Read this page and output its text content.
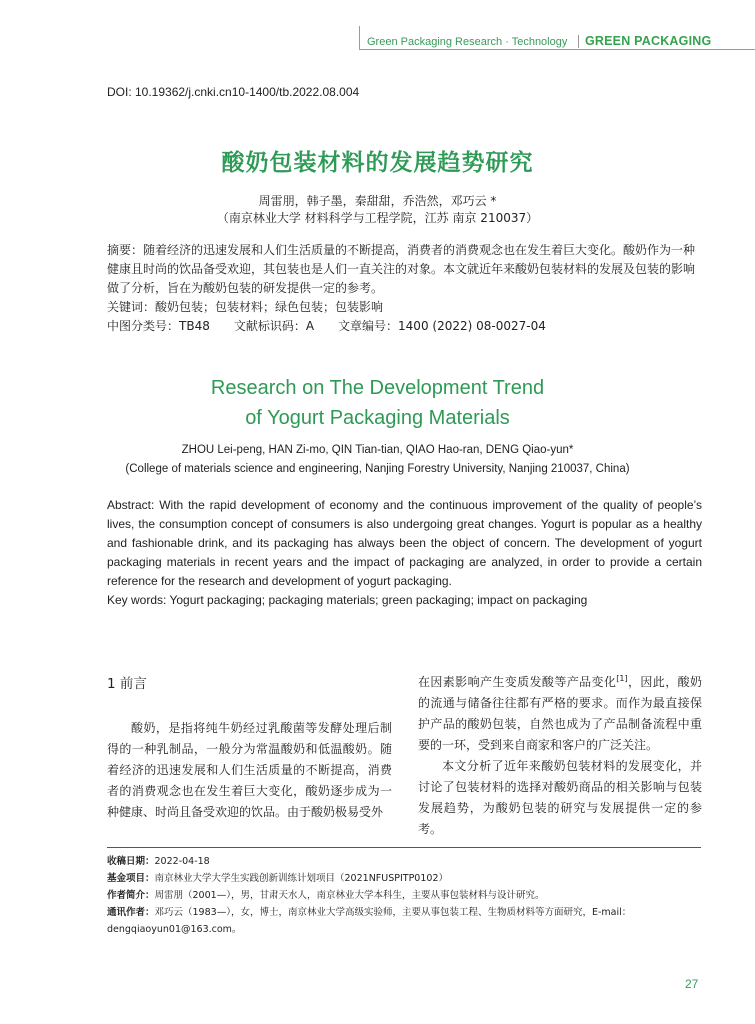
Green Packaging Research · Technology GREEN PACKAGING
DOI: 10.19362/j.cnki.cn10-1400/tb.2022.08.004
酸奶包装材料的发展趋势研究
周雷朋，韩子墨，秦甜甜，乔浩然，邓巧云 *
（南京林业大学 材料科学与工程学院，江苏 南京 210037）

摘要：随着经济的迅速发展和人们生活质量的不断提高，消费者的消费观念也在发生着巨大变化。酸奶作为一种健康且时尚的饮品备受欢迎，其包装也是人们一直关注的对象。本文就近年来酸奶包装材料的发展及包装的影响做了分析，旨在为酸奶包装的研发提供一定的参考。

关键词：酸奶包装；包装材料；绿色包装；包装影响

中图分类号：TB48　　文献标识码：A　　文章编号：1400 (2022) 08-0027-04

Research on The Development Trend
of Yogurt Packaging Materials
ZHOU Lei-peng, HAN Zi-mo, QIN Tian-tian, QIAO Hao-ran, DENG Qiao-yun*
(College of materials science and engineering, Nanjing Forestry University, Nanjing 210037, China)

Abstract: With the rapid development of economy and the continuous improvement of the quality of people’s lives, the consumption concept of consumers is also undergoing great changes. Yogurt is popular as a healthy and fashionable drink, and its packaging has always been the object of concern. The development of yogurt packaging materials in recent years and the impact of packaging are analyzed, in order to provide a certain reference for the research and development of yogurt packaging.

Key words: Yogurt packaging; packaging materials; green packaging; impact on packaging

1 前言

酸奶，是指将纯牛奶经过乳酸菌等发酵处理后制得的一种乳制品，一般分为常温酸奶和低温酸奶。随着经济的迅速发展和人们生活质量的不断提高，消费者的消费观念也在发生着巨大变化，酸奶逐步成为一种健康、时尚且备受欢迎的饮品。由于酸奶极易受外

在因素影响产生变质发酸等产品变化[1]，因此，酸奶的流通与储备往往都有严格的要求。而作为最直接保护产品的酸奶包装，自然也成为了产品制备流程中重要的一环，受到来自商家和客户的广泛关注。

本文分析了近年来酸奶包装材料的发展变化，并讨论了包装材料的选择对酸奶商品的相关影响与包装发展趋势，为酸奶包装的研究与发展提供一定的参考。

收稿日期：2022-04-18

基金项目：南京林业大学大学生实践创新训练计划项目（2021NFUSPITP0102）

作者简介：周雷朋（2001—），男，甘肃天水人，南京林业大学本科生，主要从事包装材料与设计研究。

通讯作者：邓巧云（1983—），女，博士，南京林业大学高级实验师，主要从事包装工程、生物质材料等方面研究，E-mail：dengqiaoyun01@163.com。

27
